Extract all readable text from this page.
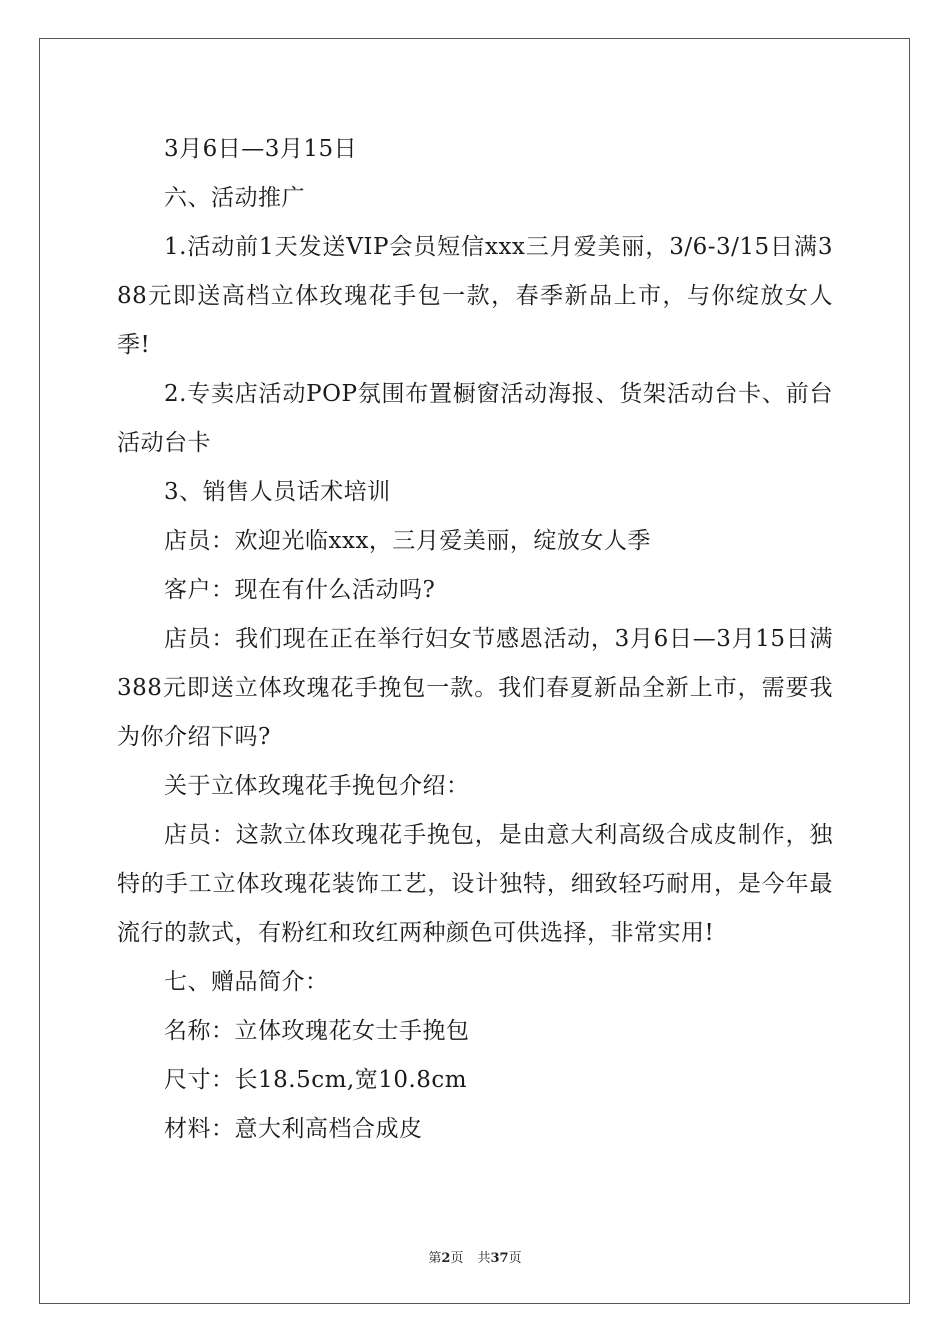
3月6日—3月15日

六、活动推广

1.活动前1天发送VIP会员短信xxx三月爱美丽，3/6-3/15日满388元即送高档立体玫瑰花手包一款，春季新品上市，与你绽放女人季!

2.专卖店活动POP氛围布置橱窗活动海报、货架活动台卡、前台活动台卡

3、销售人员话术培训

店员：欢迎光临xxx，三月爱美丽，绽放女人季

客户：现在有什么活动吗?

店员：我们现在正在举行妇女节感恩活动，3月6日—3月15日满388元即送立体玫瑰花手挽包一款。我们春夏新品全新上市，需要我为你介绍下吗?

关于立体玫瑰花手挽包介绍：

店员：这款立体玫瑰花手挽包，是由意大利高级合成皮制作，独特的手工立体玫瑰花装饰工艺，设计独特，细致轻巧耐用，是今年最流行的款式，有粉红和玫红两种颜色可供选择，非常实用!

七、赠品简介：

名称：立体玫瑰花女士手挽包

尺寸：长18.5cm,宽10.8cm

材料：意大利高档合成皮

第2页 共37页
